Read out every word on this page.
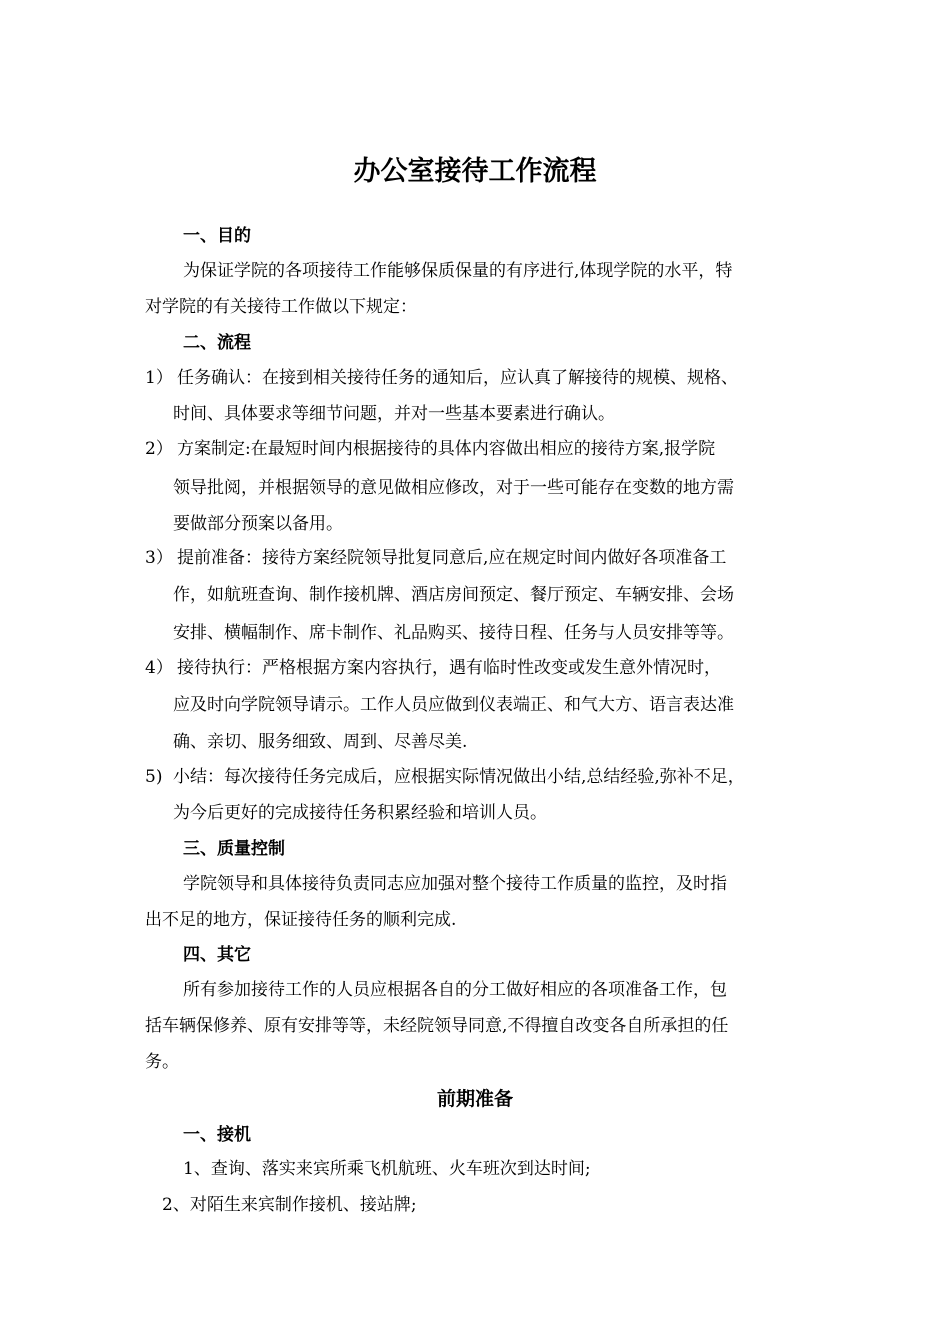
办公室接待工作流程
一、目的
为保证学院的各项接待工作能够保质保量的有序进行,体现学院的水平，特
对学院的有关接待工作做以下规定：
二、流程
1） 任务确认：在接到相关接待任务的通知后，应认真了解接待的规模、规格、
时间、具体要求等细节问题，并对一些基本要素进行确认。
2） 方案制定:在最短时间内根据接待的具体内容做出相应的接待方案,报学院
领导批阅，并根据领导的意见做相应修改，对于一些可能存在变数的地方需
要做部分预案以备用。
3） 提前准备：接待方案经院领导批复同意后,应在规定时间内做好各项准备工
作，如航班查询、制作接机牌、酒店房间预定、餐厅预定、车辆安排、会场
安排、横幅制作、席卡制作、礼品购买、接待日程、任务与人员安排等等。
4） 接待执行：严格根据方案内容执行，遇有临时性改变或发生意外情况时，
应及时向学院领导请示。工作人员应做到仪表端正、和气大方、语言表达准
确、亲切、服务细致、周到、尽善尽美.
5) 小结：每次接待任务完成后，应根据实际情况做出小结,总结经验,弥补不足，
为今后更好的完成接待任务积累经验和培训人员。
三、质量控制
学院领导和具体接待负责同志应加强对整个接待工作质量的监控，及时指
出不足的地方，保证接待任务的顺利完成.
四、其它
所有参加接待工作的人员应根据各自的分工做好相应的各项准备工作，包
括车辆保修养、原有安排等等，未经院领导同意,不得擅自改变各自所承担的任
务。
前期准备
一、接机
1、查询、落实来宾所乘飞机航班、火车班次到达时间;
2、对陌生来宾制作接机、接站牌;
